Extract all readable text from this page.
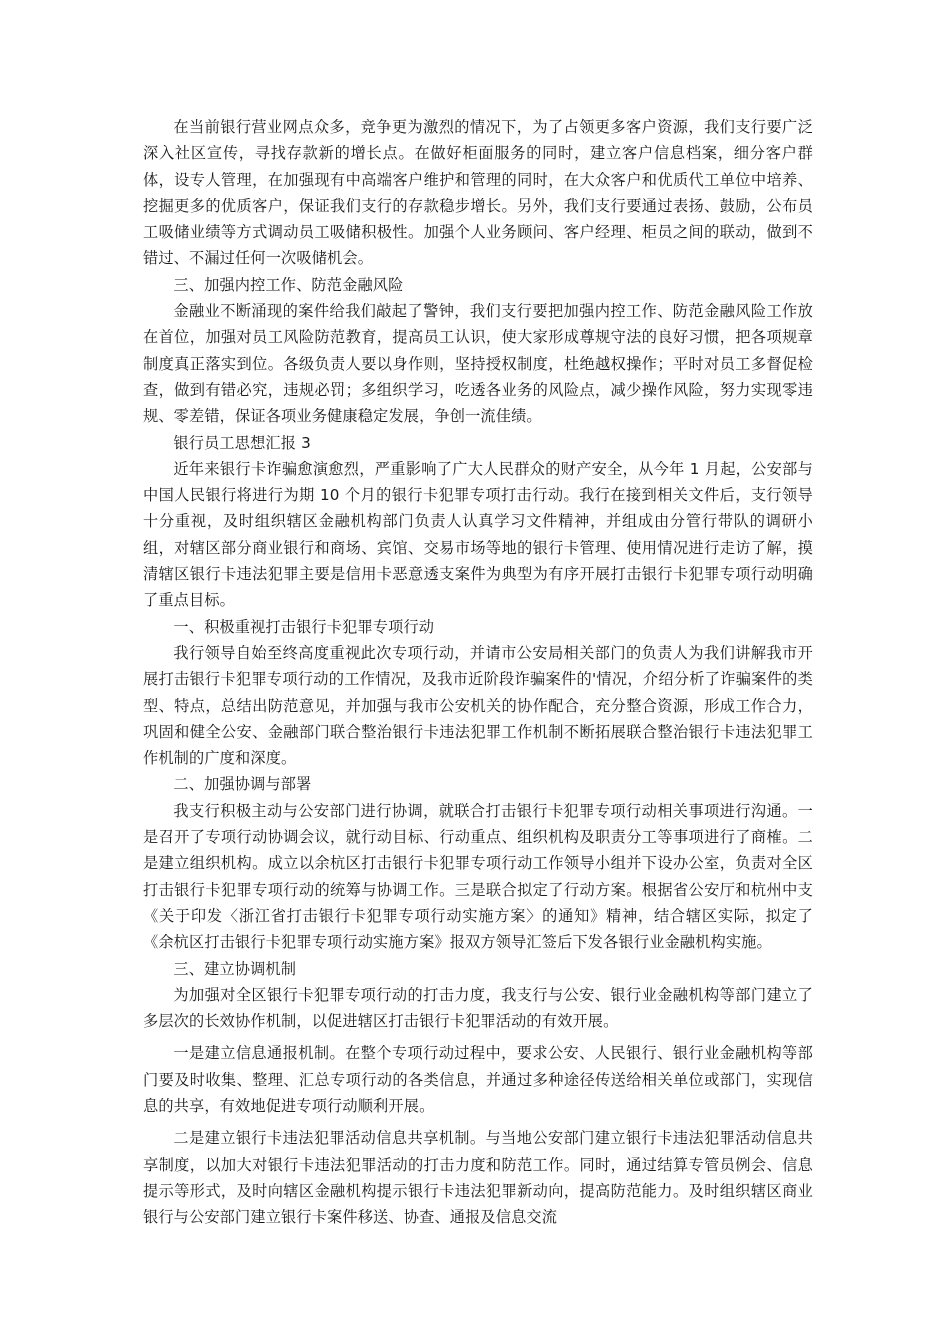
在当前银行营业网点众多，竞争更为激烈的情况下，为了占领更多客户资源，我们支行要广泛深入社区宣传，寻找存款新的增长点。在做好柜面服务的同时，建立客户信息档案，细分客户群体，设专人管理，在加强现有中高端客户维护和管理的同时，在大众客户和优质代工单位中培养、挖掘更多的优质客户，保证我们支行的存款稳步增长。另外，我们支行要通过表扬、鼓励，公布员工吸储业绩等方式调动员工吸储积极性。加强个人业务顾问、客户经理、柜员之间的联动，做到不错过、不漏过任何一次吸储机会。

三、加强内控工作、防范金融风险

金融业不断涌现的案件给我们敲起了警钟，我们支行要把加强内控工作、防范金融风险工作放在首位，加强对员工风险防范教育，提高员工认识，使大家形成尊规守法的良好习惯，把各项规章制度真正落实到位。各级负责人要以身作则，坚持授权制度，杜绝越权操作；平时对员工多督促检查，做到有错必究，违规必罚；多组织学习，吃透各业务的风险点，减少操作风险，努力实现零违规、零差错，保证各项业务健康稳定发展，争创一流佳绩。

银行员工思想汇报 3

近年来银行卡诈骗愈演愈烈，严重影响了广大人民群众的财产安全，从今年 1 月起，公安部与中国人民银行将进行为期 10 个月的银行卡犯罪专项打击行动。我行在接到相关文件后，支行领导十分重视，及时组织辖区金融机构部门负责人认真学习文件精神，并组成由分管行带队的调研小组，对辖区部分商业银行和商场、宾馆、交易市场等地的银行卡管理、使用情况进行走访了解，摸清辖区银行卡违法犯罪主要是信用卡恶意透支案件为典型为有序开展打击银行卡犯罪专项行动明确了重点目标。

一、积极重视打击银行卡犯罪专项行动

我行领导自始至终高度重视此次专项行动，并请市公安局相关部门的负责人为我们讲解我市开展打击银行卡犯罪专项行动的工作情况，及我市近阶段诈骗案件的'情况，介绍分析了诈骗案件的类型、特点，总结出防范意见，并加强与我市公安机关的协作配合，充分整合资源，形成工作合力，巩固和健全公安、金融部门联合整治银行卡违法犯罪工作机制不断拓展联合整治银行卡违法犯罪工作机制的广度和深度。

二、加强协调与部署

我支行积极主动与公安部门进行协调，就联合打击银行卡犯罪专项行动相关事项进行沟通。一是召开了专项行动协调会议，就行动目标、行动重点、组织机构及职责分工等事项进行了商榷。二是建立组织机构。成立以余杭区打击银行卡犯罪专项行动工作领导小组并下设办公室，负责对全区打击银行卡犯罪专项行动的统筹与协调工作。三是联合拟定了行动方案。根据省公安厅和杭州中支《关于印发〈浙江省打击银行卡犯罪专项行动实施方案〉的通知》精神，结合辖区实际，拟定了《余杭区打击银行卡犯罪专项行动实施方案》报双方领导汇签后下发各银行业金融机构实施。

三、建立协调机制

为加强对全区银行卡犯罪专项行动的打击力度，我支行与公安、银行业金融机构等部门建立了多层次的长效协作机制，以促进辖区打击银行卡犯罪活动的有效开展。

一是建立信息通报机制。在整个专项行动过程中，要求公安、人民银行、银行业金融机构等部门要及时收集、整理、汇总专项行动的各类信息，并通过多种途径传送给相关单位或部门，实现信息的共享，有效地促进专项行动顺利开展。

二是建立银行卡违法犯罪活动信息共享机制。与当地公安部门建立银行卡违法犯罪活动信息共享制度，以加大对银行卡违法犯罪活动的打击力度和防范工作。同时，通过结算专管员例会、信息提示等形式，及时向辖区金融机构提示银行卡违法犯罪新动向，提高防范能力。及时组织辖区商业银行与公安部门建立银行卡案件移送、协查、通报及信息交流
